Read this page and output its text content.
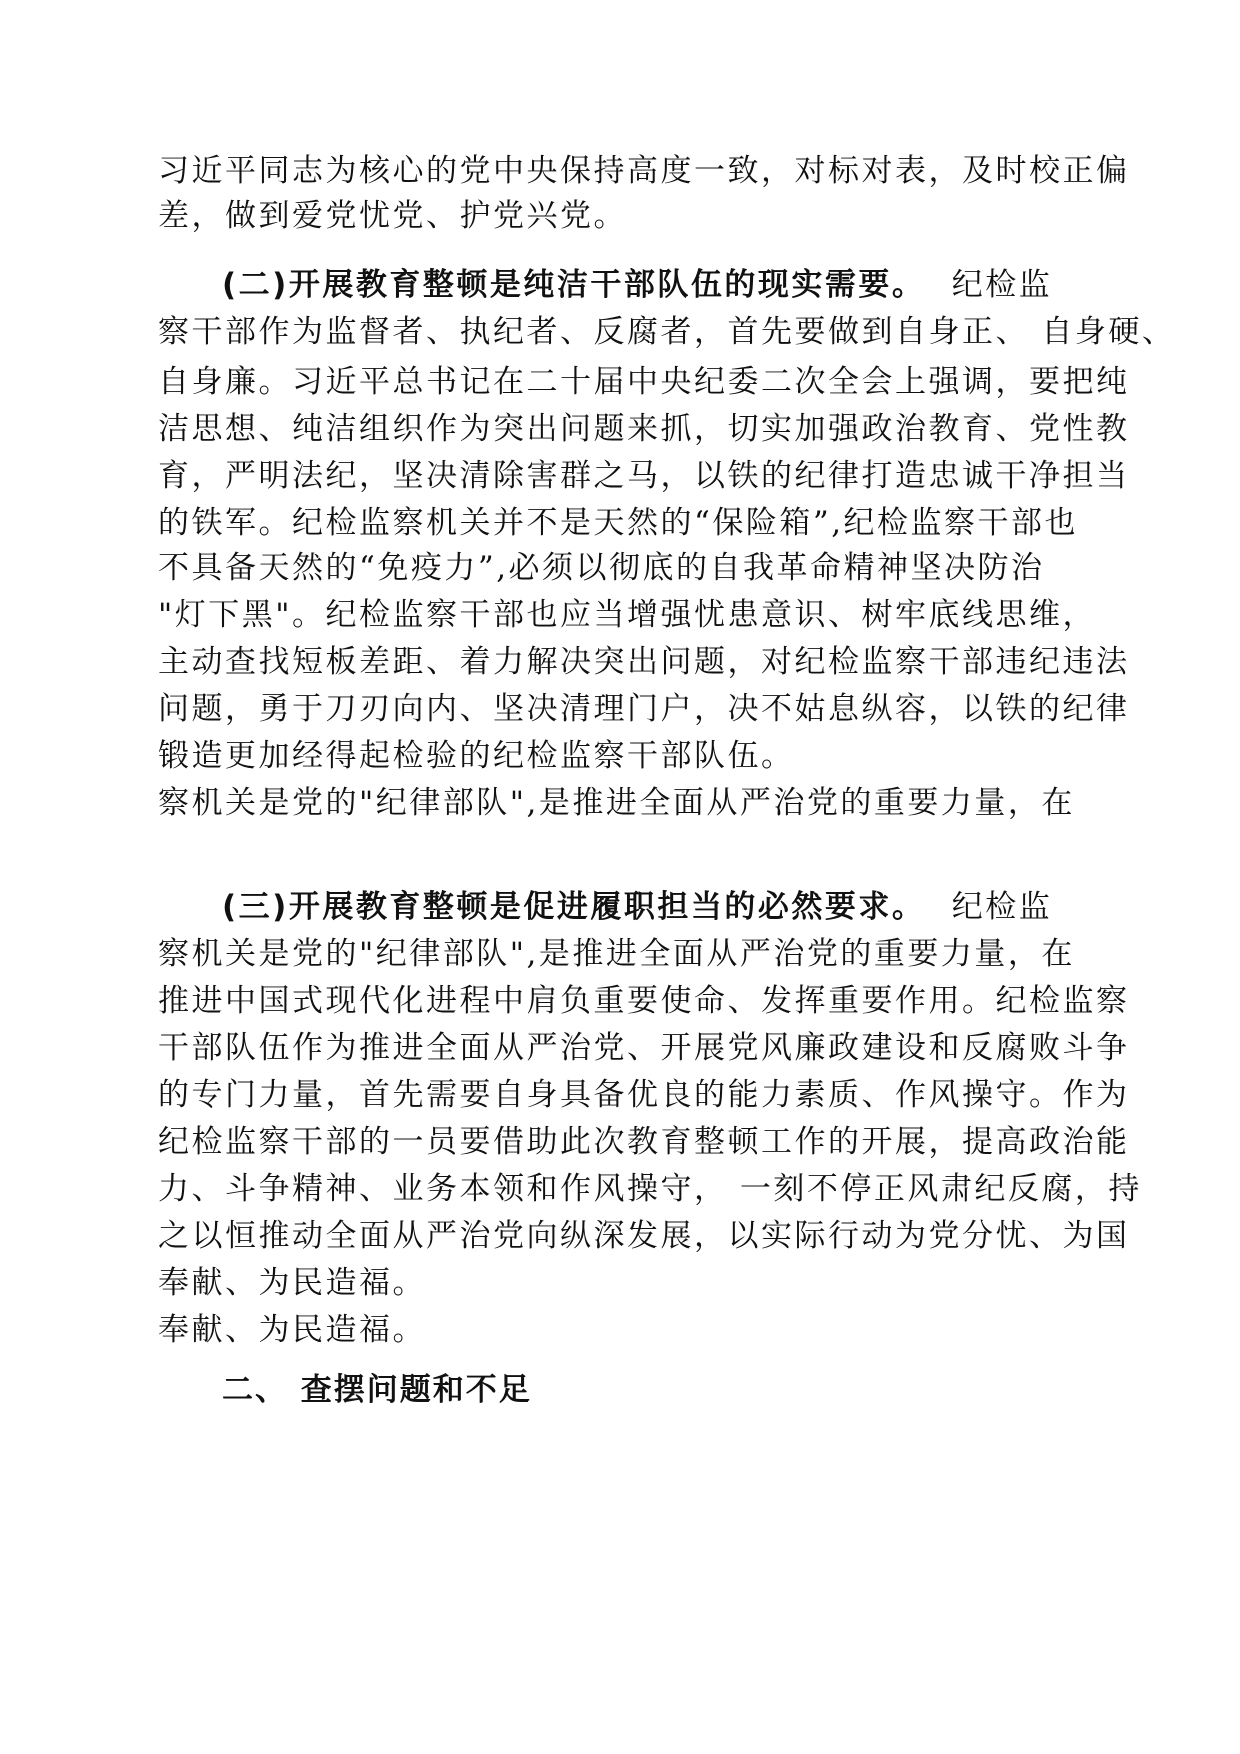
习近平同志为核心的党中央保持高度一致，对标对表，及时校正偏
差，做到爱党忧党、护党兴党。
(二)开展教育整顿是纯洁干部队伍的现实需要。 纪检监
察干部作为监督者、执纪者、反腐者，首先要做到自身正、 自身硬、
自身廉。习近平总书记在二十届中央纪委二次全会上强调，要把纯
洁思想、纯洁组织作为突出问题来抓，切实加强政治教育、党性教
育，严明法纪，坚决清除害群之马，以铁的纪律打造忠诚干净担当
的铁军。纪检监察机关并不是天然的“保险箱”,纪检监察干部也
不具备天然的“免疫力”,必须以彻底的自我革命精神坚决防治
"灯下黑"。纪检监察干部也应当增强忧患意识、树牢底线思维，
主动查找短板差距、着力解决突出问题，对纪检监察干部违纪违法
问题，勇于刀刃向内、坚决清理门户，决不姑息纵容，以铁的纪律
锻造更加经得起检验的纪检监察干部队伍。
察机关是党的"纪律部队",是推进全面从严治党的重要力量，在
(三)开展教育整顿是促进履职担当的必然要求。 纪检监
察机关是党的"纪律部队",是推进全面从严治党的重要力量，在
推进中国式现代化进程中肩负重要使命、发挥重要作用。纪检监察
干部队伍作为推进全面从严治党、开展党风廉政建设和反腐败斗争
的专门力量，首先需要自身具备优良的能力素质、作风操守。作为
纪检监察干部的一员要借助此次教育整顿工作的开展，提高政治能
力、斗争精神、业务本领和作风操守， 一刻不停正风肃纪反腐，持
之以恒推动全面从严治党向纵深发展，以实际行动为党分忧、为国
奉献、为民造福。
奉献、为民造福。
二、 查摆问题和不足
